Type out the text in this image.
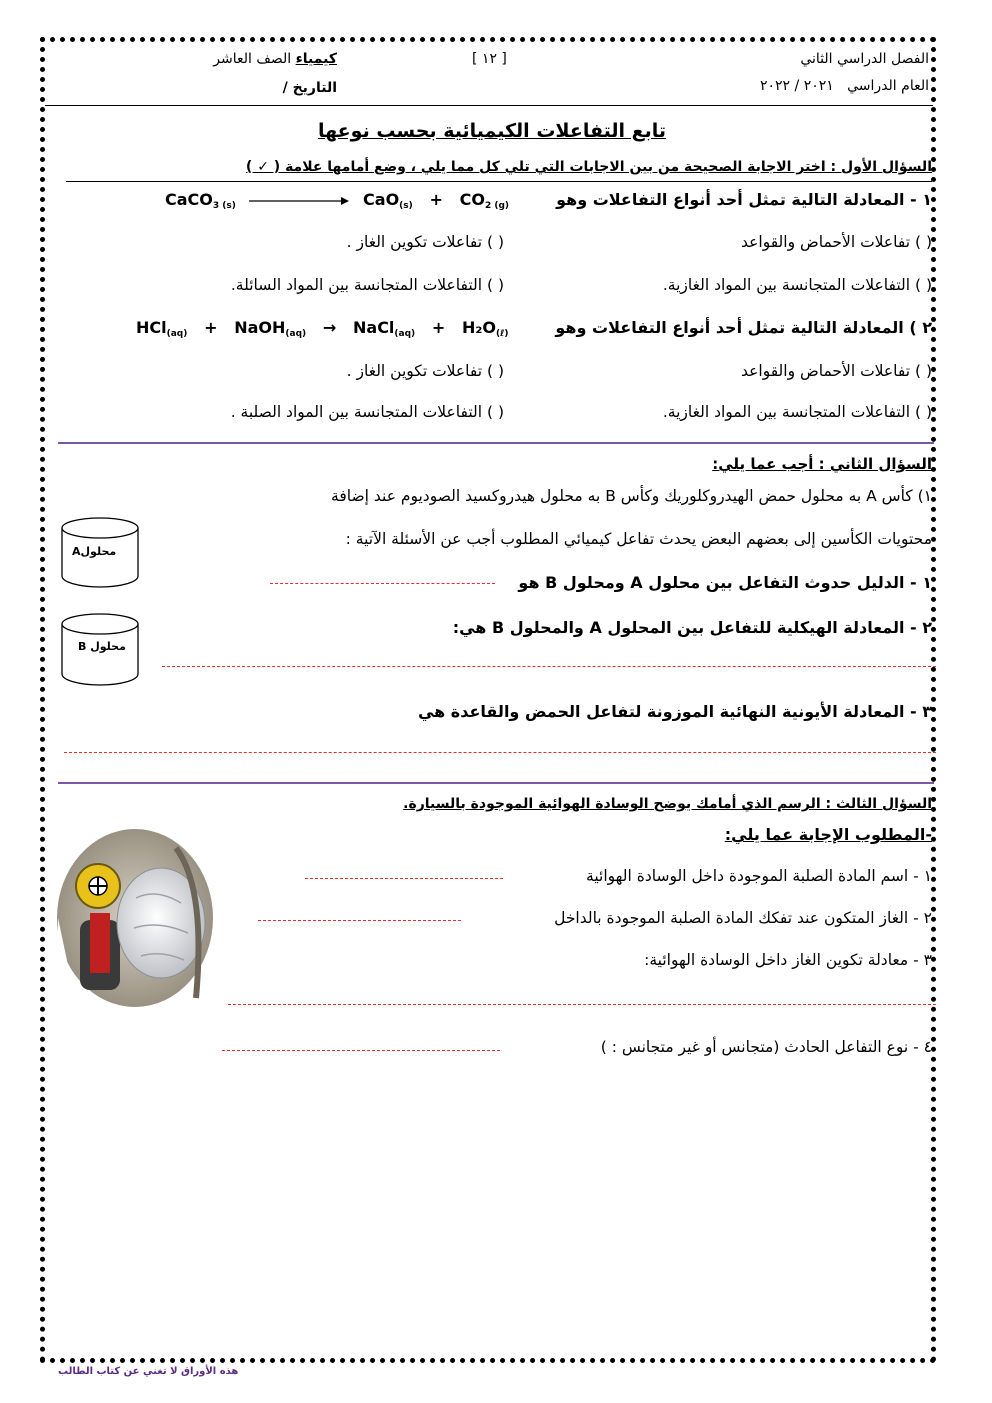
الفصل الدراسي الثاني
العام الدراسي   ٢٠٢١ / ٢٠٢٢
[ ١٢ ]
كيمياء الصف العاشر
التاريخ /
تابع التفاعلات الكيميائية بحسب نوعها
السؤال الأول : اختر الاجابة الصحيحة من بين الاجابات التي تلي كل مما يلي ، وضع أمامها علامة ( ✓ )
١ - المعادلة التالية تمثل أحد أنواع التفاعلات وهو
CaCO$_{3 (s)}$	$CaO_{(s)} + CO_{2 (g)}$
( ) تفاعلات الأحماض والقواعد
( ) تفاعلات تكوين الغاز .
( ) التفاعلات المتجانسة بين المواد الغازية.
( ) التفاعلات المتجانسة بين المواد السائلة.
٢ ) المعادلة التالية تمثل أحد أنواع التفاعلات وهو
HCl$_{(aq)}$ + NaOH$_{(aq)}$ → NaCl$_{(aq)}$ + $H_2O_{(\ell)}$
( ) تفاعلات الأحماض والقواعد
( ) تفاعلات تكوين الغاز .
( ) التفاعلات المتجانسة بين المواد الغازية.
( ) التفاعلات المتجانسة بين المواد الصلبة .
السؤال الثاني : أجب عما يلي:
١) كأس A به محلول حمض الهيدروكلوريك وكأس B به محلول هيدروكسيد الصوديوم عند إضافة
محتويات الكأسين إلى بعضهم البعض يحدث تفاعل كيميائي المطلوب أجب عن الأسئلة الآتية :
١ - الدليل حدوث التفاعل بين محلول A ومحلول B هو
٢ - المعادلة الهيكلية للتفاعل بين المحلول A والمحلول B هي:
٣ - المعادلة الأيونية النهائية الموزونة لتفاعل الحمض والقاعدة هي
محلولA
محلول B
السؤال الثالث : الرسم الذي أمامك يوضح الوسادة الهوائية الموجودة بالسيارة.
-المطلوب الإجابة عما يلي:
١ - اسم المادة الصلبة الموجودة داخل الوسادة الهوائية
٢ - الغاز المتكون عند تفكك المادة الصلبة الموجودة بالداخل
٣ - معادلة تكوين الغاز داخل الوسادة الهوائية:
٤ - نوع التفاعل الحادث (متجانس أو غير متجانس : )
هذه الأوراق لا تغني عن كتاب الطالب
